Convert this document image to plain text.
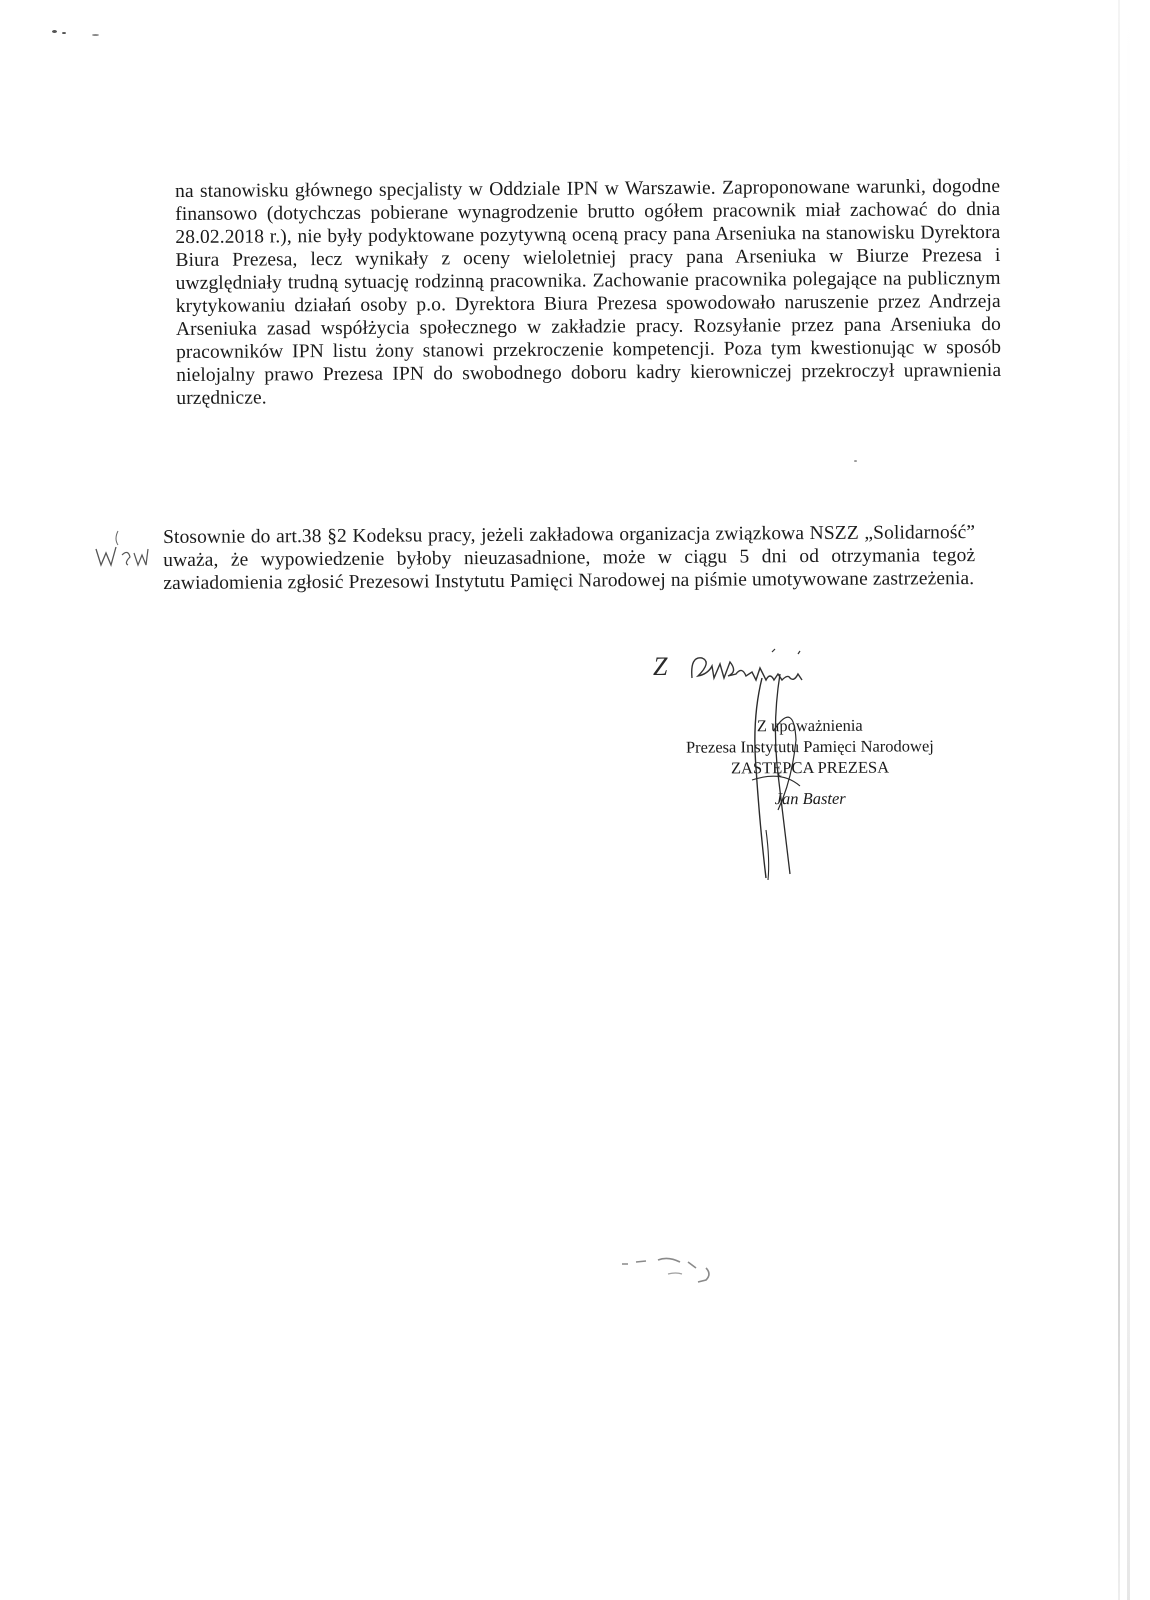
na stanowisku głównego specjalisty w Oddziale IPN w Warszawie. Zaproponowane warunki, dogodne finansowo (dotychczas pobierane wynagrodzenie brutto ogółem pracownik miał zachować do dnia 28.02.2018 r.), nie były podyktowane pozytywną oceną pracy pana Arseniuka na stanowisku Dyrektora Biura Prezesa, lecz wynikały z oceny wieloletniej pracy pana Arseniuka w Biurze Prezesa i uwzględniały trudną sytuację rodzinną pracownika. Zachowanie pracownika polegające na publicznym krytykowaniu działań osoby p.o. Dyrektora Biura Prezesa spowodowało naruszenie przez Andrzeja Arseniuka zasad współżycia społecznego w zakładzie pracy. Rozsyłanie przez pana Arseniuka do pracowników IPN listu żony stanowi przekroczenie kompetencji. Poza tym kwestionując w sposób nielojalny prawo Prezesa IPN do swobodnego doboru kadry kierowniczej przekroczył uprawnienia urzędnicze.

Stosownie do art.38 §2 Kodeksu pracy, jeżeli zakładowa organizacja związkowa NSZZ „Solidarność” uważa, że wypowiedzenie byłoby nieuzasadnione, może w ciągu 5 dni od otrzymania tegoż zawiadomienia zgłosić Prezesowi Instytutu Pamięci Narodowej na piśmie umotywowane zastrzeżenia.

Z
Z upoważnienia
Prezesa Instytutu Pamięci Narodowej
ZASTĘPCA PREZESA
Jan Baster
